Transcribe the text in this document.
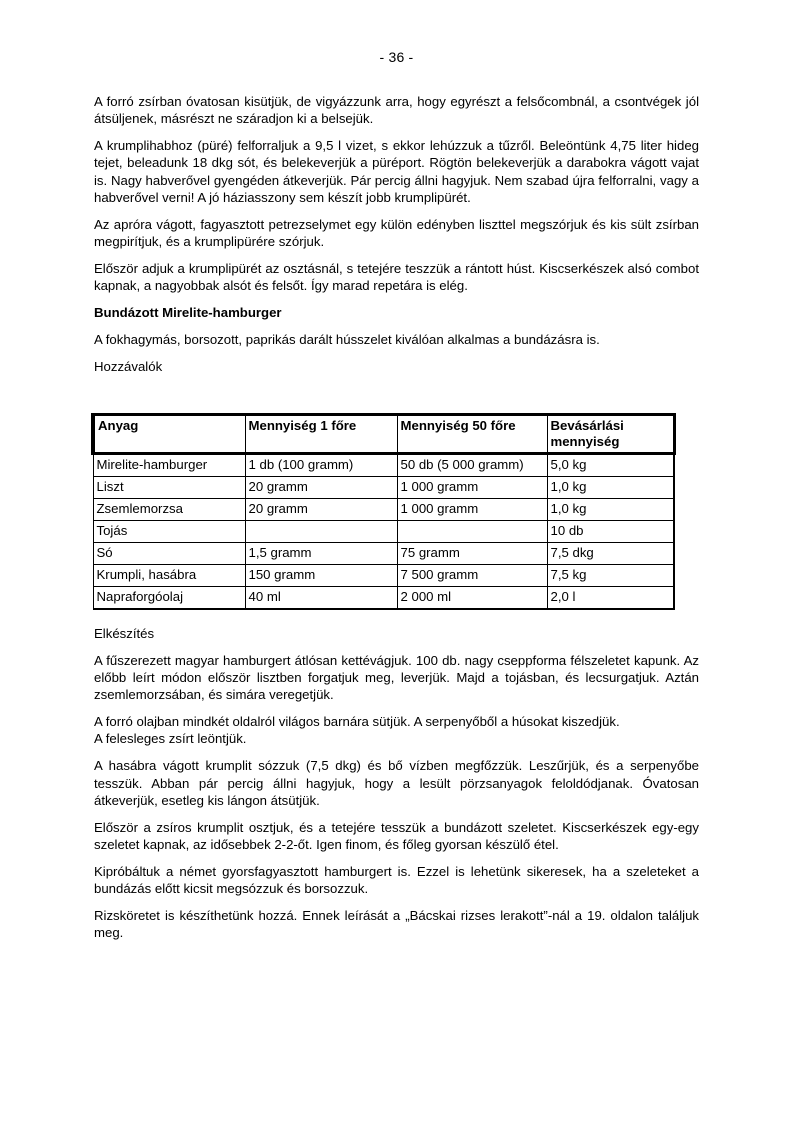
- 36 -

A forró zsírban óvatosan kisütjük, de vigyázzunk arra, hogy egyrészt a felsőcombnál, a csontvégek jól átsüljenek, másrészt ne száradjon ki a belsejük.

A krumplihabhoz (püré) felforraljuk a 9,5 l vizet, s ekkor lehúzzuk a tűzről. Beleöntünk 4,75 liter hideg tejet, beleadunk 18 dkg sót, és belekeverjük a püréport. Rögtön belekeverjük a darabokra vágott vajat is. Nagy habverővel gyengéden átkeverjük. Pár percig állni hagyjuk. Nem szabad újra felforralni, vagy a habverővel verni! A jó háziasszony sem készít jobb krumplipürét.

Az apróra vágott, fagyasztott petrezselymet egy külön edényben liszttel megszórjuk és kis sült zsírban megpirítjuk, és a krumplipürére szórjuk.

Először adjuk a krumplipürét az osztásnál, s tetejére teszzük a rántott húst. Kiscserkészek alsó combot kapnak, a nagyobbak alsót és felsőt. Így marad repetára is elég.

Bundázott Mirelite-hamburger

A fokhagymás, borsozott, paprikás darált hússzelet kiválóan alkalmas a bundázásra is.

Hozzávalók

Anyag	Mennyiség 1 főre	Mennyiség 50 főre	Bevásárlási mennyiség
Mirelite-hamburger	1 db (100 gramm)	50 db (5 000 gramm)	5,0 kg
Liszt	20 gramm	1 000 gramm	1,0 kg
Zsemlemorzsa	20 gramm	1 000 gramm	1,0 kg
Tojás			10 db
Só	1,5 gramm	75 gramm	7,5 dkg
Krumpli, hasábra	150 gramm	7 500 gramm	7,5 kg
Napraforgóolaj	40 ml	2 000 ml	2,0 l

Elkészítés

A fűszerezett magyar hamburgert átlósan kettévágjuk. 100 db. nagy cseppforma félszeletet kapunk. Az előbb leírt módon először lisztben forgatjuk meg, leverjük. Majd a tojásban, és lecsurgatjuk. Aztán zsemlemorzsában, és simára veregetjük.

A forró olajban mindkét oldalról világos barnára sütjük. A serpenyőből a húsokat kiszedjük.

A felesleges zsírt leöntjük.

A hasábra vágott krumplit sózzuk (7,5 dkg) és bő vízben megfőzzük. Leszűrjük, és a serpenyőbe tesszük. Abban pár percig állni hagyjuk, hogy a lesült pörzsanyagok feloldódjanak. Óvatosan átkeverjük, esetleg kis lángon átsütjük.

Először a zsíros krumplit osztjuk, és a tetejére tesszük a bundázott szeletet. Kiscserkészek egy-egy szeletet kapnak, az idősebbek 2-2-őt. Igen finom, és főleg gyorsan készülő étel.

Kipróbáltuk a német gyorsfagyasztott hamburgert is. Ezzel is lehetünk sikeresek, ha a szeleteket a bundázás előtt kicsit megsózzuk és borsozzuk.

Rizsköretet is készíthetünk hozzá. Ennek leírását a „Bácskai rizses lerakott”-nál a 19. oldalon találjuk meg.
